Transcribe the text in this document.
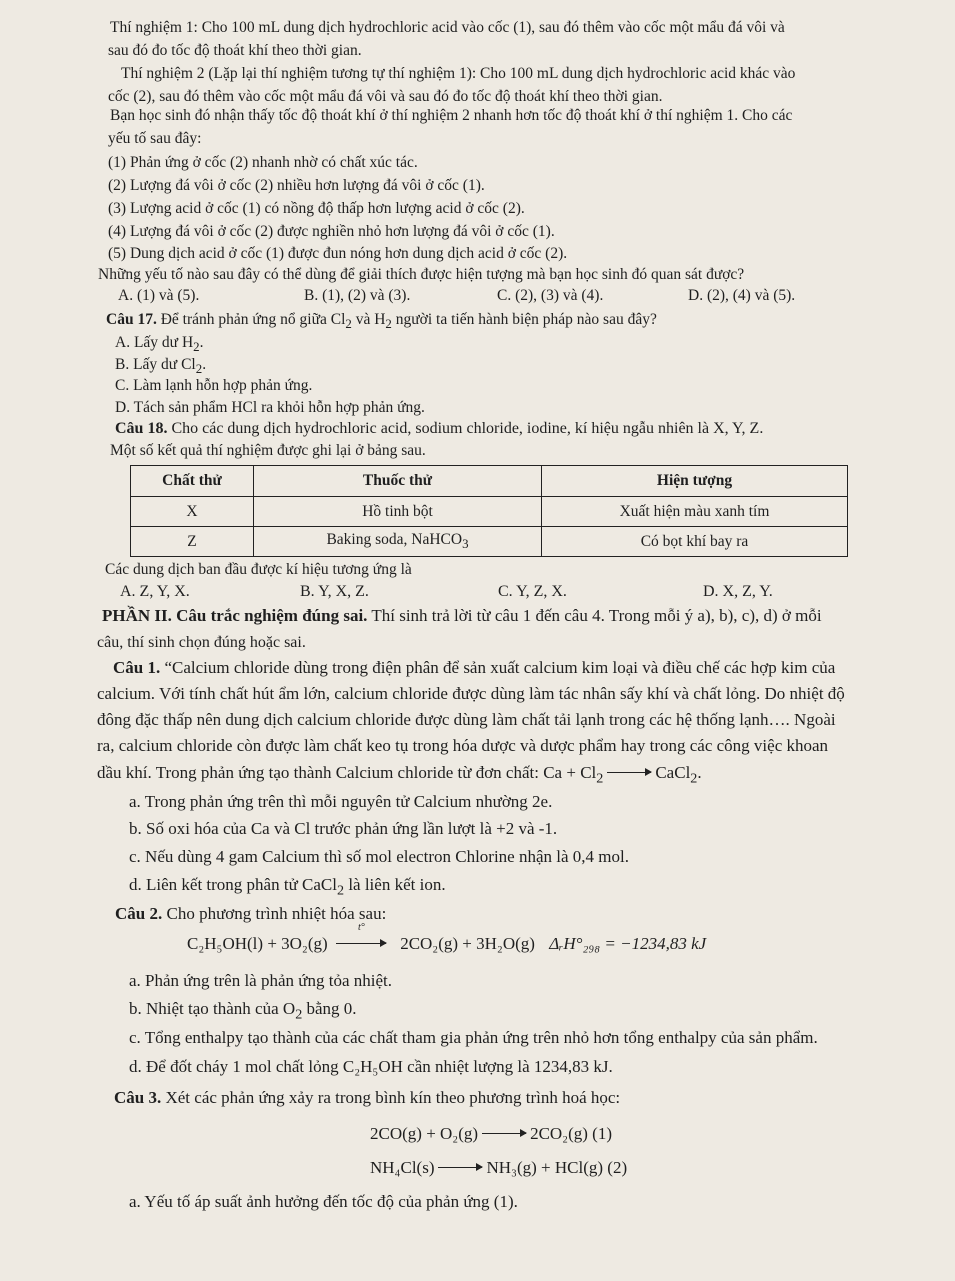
Thí nghiệm 1: Cho 100 mL dung dịch hydrochloric acid vào cốc (1), sau đó thêm vào cốc một mẩu đá vôi và
sau đó đo tốc độ thoát khí theo thời gian.
Thí nghiệm 2 (Lặp lại thí nghiệm tương tự thí nghiệm 1): Cho 100 mL dung dịch hydrochloric acid khác vào
cốc (2), sau đó thêm vào cốc một mẩu đá vôi và sau đó đo tốc độ thoát khí theo thời gian.
Bạn học sinh đó nhận thấy tốc độ thoát khí ở thí nghiệm 2 nhanh hơn tốc độ thoát khí ở thí nghiệm 1. Cho các
yếu tố sau đây:
(1) Phản ứng ở cốc (2) nhanh nhờ có chất xúc tác.
(2) Lượng đá vôi ở cốc (2) nhiều hơn lượng đá vôi ở cốc (1).
(3) Lượng acid ở cốc (1) có nồng độ thấp hơn lượng acid ở cốc (2).
(4) Lượng đá vôi ở cốc (2) được nghiền nhỏ hơn lượng đá vôi ở cốc (1).
(5) Dung dịch acid ở cốc (1) được đun nóng hơn dung dịch acid ở cốc (2).
Những yếu tố nào sau đây có thể dùng để giải thích được hiện tượng mà bạn học sinh đó quan sát được?
A. (1) và (5).	B. (1), (2) và (3).	C. (2), (3) và (4).	D. (2), (4) và (5).
Câu 17. Để tránh phản ứng nổ giữa $Cl_2$ và $H_2$ người ta tiến hành biện pháp nào sau đây?
A. Lấy dư $H_2$.
B. Lấy dư $Cl_2$.
C. Làm lạnh hỗn hợp phản ứng.
D. Tách sản phẩm HCl ra khỏi hỗn hợp phản ứng.
Câu 18. Cho các dung dịch hydrochloric acid, sodium chloride, iodine, kí hiệu ngẫu nhiên là X, Y, Z.
Một số kết quả thí nghiệm được ghi lại ở bảng sau.
Chất thử	Thuốc thử	Hiện tượng
X	Hồ tinh bột	Xuất hiện màu xanh tím
Z	Baking soda, NaHCO$_3$	Có bọt khí bay ra
Các dung dịch ban đầu được kí hiệu tương ứng là
A. Z, Y, X.	B. Y, X, Z.	C. Y, Z, X.	D. X, Z, Y.
PHẦN II. Câu trắc nghiệm đúng sai. Thí sinh trả lời từ câu 1 đến câu 4. Trong mỗi ý a), b), c), d) ở mỗi
câu, thí sinh chọn đúng hoặc sai.
Câu 1. “Calcium chloride dùng trong điện phân để sản xuất calcium kim loại và điều chế các hợp kim của
calcium. Với tính chất hút ẩm lớn, calcium chloride được dùng làm tác nhân sấy khí và chất lỏng. Do nhiệt độ
đông đặc thấp nên dung dịch calcium chloride được dùng làm chất tải lạnh trong các hệ thống lạnh…. Ngoài
ra, calcium chloride còn được làm chất keo tụ trong hóa dược và dược phẩm hay trong các công việc khoan
dầu khí. Trong phản ứng tạo thành Calcium chloride từ đơn chất: $Ca + Cl_2$	CaCl$_2$.
a. Trong phản ứng trên thì mỗi nguyên tử Calcium nhường 2e.
b. Số oxi hóa của Ca và Cl trước phản ứng lần lượt là +2 và -1.
c. Nếu dùng 4 gam Calcium thì số mol electron Chlorine nhận là 0,4 mol.
d. Liên kết trong phân tử CaCl$_2$ là liên kết ion.
Câu 2. Cho phương trình nhiệt hóa sau:
C₂H₅OH(l) + 3O₂(g)
t°
2CO₂(g) + 3H₂O(g) ΔᵣH°₂₉₈ = −1234,83 kJ
a. Phản ứng trên là phản ứng tỏa nhiệt.
b. Nhiệt tạo thành của $O_2$ bằng 0.
c. Tổng enthalpy tạo thành của các chất tham gia phản ứng trên nhỏ hơn tổng enthalpy của sản phẩm.
d. Để đốt cháy 1 mol chất lỏng C₂H₅OH cần nhiệt lượng là 1234,83 kJ.
Câu 3. Xét các phản ứng xảy ra trong bình kín theo phương trình hoá học:
2CO(g) + O₂(g)	2CO₂(g) (1)
NH₄Cl(s)	NH₃(g) + HCl(g) (2)
a. Yếu tố áp suất ảnh hưởng đến tốc độ của phản ứng (1).
